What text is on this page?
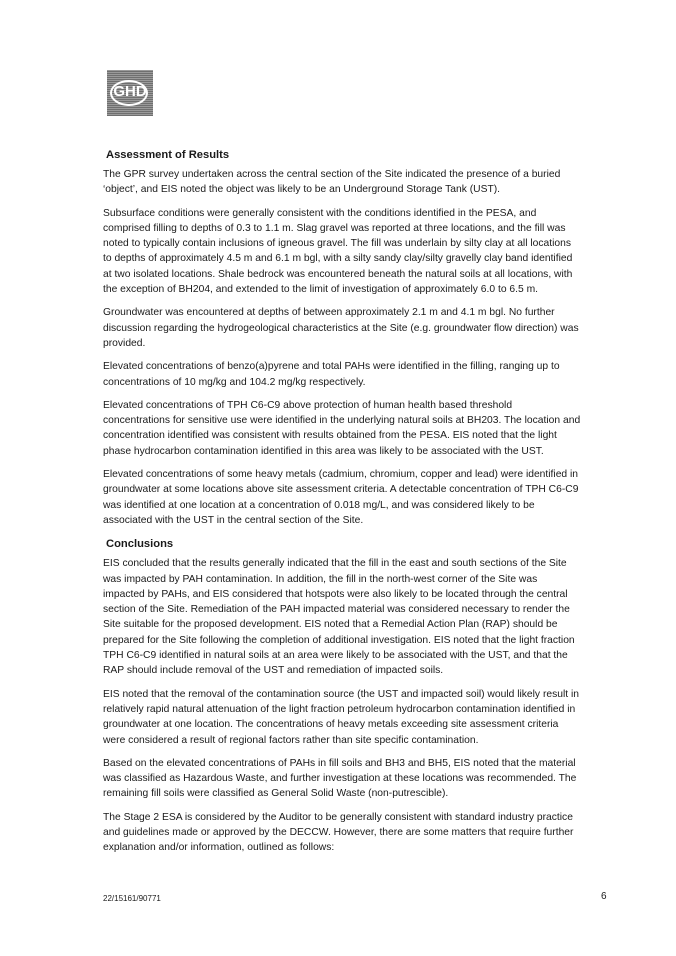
GHD
Assessment of Results

The GPR survey undertaken across the central section of the Site indicated the presence of a buried ‘object’, and EIS noted the object was likely to be an Underground Storage Tank (UST).

Subsurface conditions were generally consistent with the conditions identified in the PESA, and comprised filling to depths of 0.3 to 1.1 m. Slag gravel was reported at three locations, and the fill was noted to typically contain inclusions of igneous gravel. The fill was underlain by silty clay at all locations to depths of approximately 4.5 m and 6.1 m bgl, with a silty sandy clay/silty gravelly clay band identified at two isolated locations. Shale bedrock was encountered beneath the natural soils at all locations, with the exception of BH204, and extended to the limit of investigation of approximately 6.0 to 6.5 m.

Groundwater was encountered at depths of between approximately 2.1 m and 4.1 m bgl. No further discussion regarding the hydrogeological characteristics at the Site (e.g. groundwater flow direction) was provided.

Elevated concentrations of benzo(a)pyrene and total PAHs were identified in the filling, ranging up to concentrations of 10 mg/kg and 104.2 mg/kg respectively.

Elevated concentrations of TPH C6-C9 above protection of human health based threshold concentrations for sensitive use were identified in the underlying natural soils at BH203. The location and concentration identified was consistent with results obtained from the PESA. EIS noted that the light phase hydrocarbon contamination identified in this area was likely to be associated with the UST.

Elevated concentrations of some heavy metals (cadmium, chromium, copper and lead) were identified in groundwater at some locations above site assessment criteria. A detectable concentration of TPH C6-C9 was identified at one location at a concentration of 0.018 mg/L, and was considered likely to be associated with the UST in the central section of the Site.

Conclusions

EIS concluded that the results generally indicated that the fill in the east and south sections of the Site was impacted by PAH contamination. In addition, the fill in the north-west corner of the Site was impacted by PAHs, and EIS considered that hotspots were also likely to be located through the central section of the Site. Remediation of the PAH impacted material was considered necessary to render the Site suitable for the proposed development. EIS noted that a Remedial Action Plan (RAP) should be prepared for the Site following the completion of additional investigation. EIS noted that the light fraction TPH C6-C9 identified in natural soils at an area were likely to be associated with the UST, and that the RAP should include removal of the UST and remediation of impacted soils.

EIS noted that the removal of the contamination source (the UST and impacted soil) would likely result in relatively rapid natural attenuation of the light fraction petroleum hydrocarbon contamination identified in groundwater at one location. The concentrations of heavy metals exceeding site assessment criteria were considered a result of regional factors rather than site specific contamination.

Based on the elevated concentrations of PAHs in fill soils and BH3 and BH5, EIS noted that the material was classified as Hazardous Waste, and further investigation at these locations was recommended. The remaining fill soils were classified as General Solid Waste (non-putrescible).

The Stage 2 ESA is considered by the Auditor to be generally consistent with standard industry practice and guidelines made or approved by the DECCW. However, there are some matters that require further explanation and/or information, outlined as follows:

22/15161/90771	6
